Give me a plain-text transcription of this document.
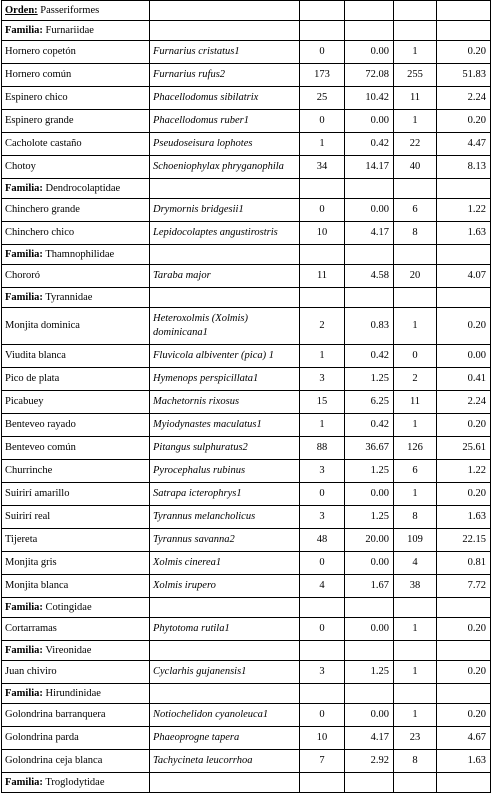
Orden: Passeriformes					
Familia: Furnariidae					
Hornero copetón	Furnarius cristatus1	0	0.00	1	0.20
Hornero común	Furnarius rufus2	173	72.08	255	51.83
Espinero chico	Phacellodomus sibilatrix	25	10.42	11	2.24
Espinero grande	Phacellodomus ruber1	0	0.00	1	0.20
Cacholote castaño	Pseudoseisura lophotes	1	0.42	22	4.47
Chotoy	Schoeniophylax phryganophila	34	14.17	40	8.13
Familia: Dendrocolaptidae					
Chinchero grande	Drymornis bridgesii1	0	0.00	6	1.22
Chinchero chico	Lepidocolaptes angustirostris	10	4.17	8	1.63
Familia: Thamnophilidae					
Chororó	Taraba major	11	4.58	20	4.07
Familia: Tyrannidae					
Monjita dominica	Heteroxolmis (Xolmis) dominicana1	2	0.83	1	0.20
Viudita blanca	Fluvicola albiventer (pica) 1	1	0.42	0	0.00
Pico de plata	Hymenops perspicillata1	3	1.25	2	0.41
Picabuey	Machetornis rixosus	15	6.25	11	2.24
Benteveo rayado	Myiodynastes maculatus1	1	0.42	1	0.20
Benteveo común	Pitangus sulphuratus2	88	36.67	126	25.61
Churrinche	Pyrocephalus rubinus	3	1.25	6	1.22
Suirirí amarillo	Satrapa icterophrys1	0	0.00	1	0.20
Suirirí real	Tyrannus melancholicus	3	1.25	8	1.63
Tijereta	Tyrannus savanna2	48	20.00	109	22.15
Monjita gris	Xolmis cinerea1	0	0.00	4	0.81
Monjita blanca	Xolmis irupero	4	1.67	38	7.72
Familia: Cotingidae					
Cortarramas	Phytotoma rutila1	0	0.00	1	0.20
Familia: Vireonidae					
Juan chiviro	Cyclarhis gujanensis1	3	1.25	1	0.20
Familia: Hirundinidae					
Golondrina barranquera	Notiochelidon cyanoleuca1	0	0.00	1	0.20
Golondrina parda	Phaeoprogne tapera	10	4.17	23	4.67
Golondrina ceja blanca	Tachycineta leucorrhoa	7	2.92	8	1.63
Familia: Troglodytidae					
